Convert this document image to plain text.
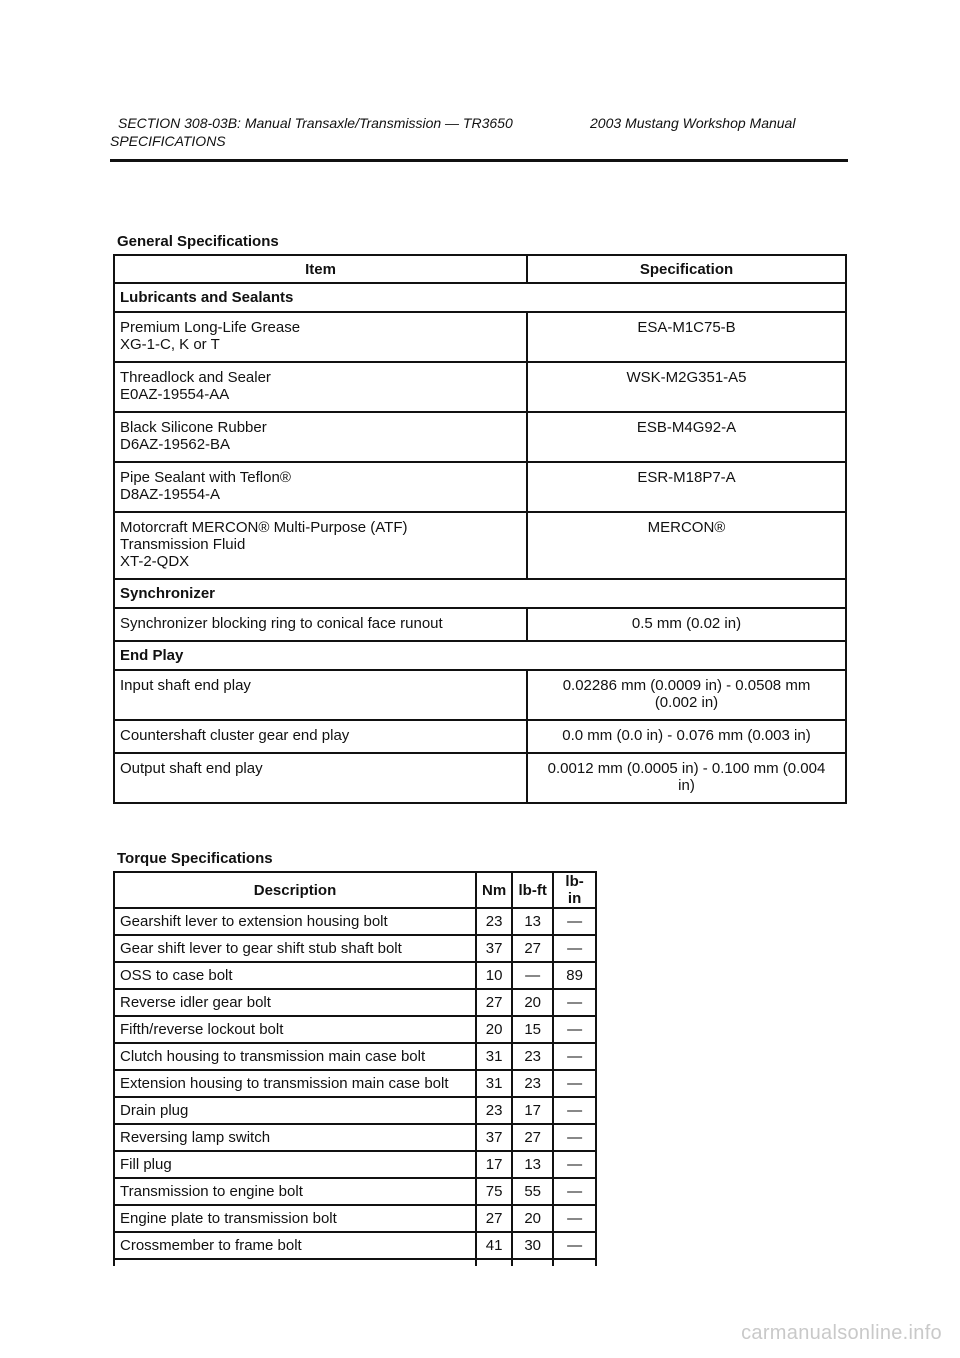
SECTION 308-03B: Manual Transaxle/Transmission — TR3650	2003 Mustang Workshop Manual
SPECIFICATIONS
General Specifications
Item	Specification
Lubricants and Sealants	
Premium Long-Life Grease
XG-1-C, K or T	ESA-M1C75-B
Threadlock and Sealer
E0AZ-19554-AA	WSK-M2G351-A5
Black Silicone Rubber
D6AZ-19562-BA	ESB-M4G92-A
Pipe Sealant with Teflon®
D8AZ-19554-A	ESR-M18P7-A
Motorcraft MERCON® Multi-Purpose (ATF)
Transmission Fluid
XT-2-QDX	MERCON®
Synchronizer	
Synchronizer blocking ring to conical face runout	0.5 mm (0.02 in)
End Play	
Input shaft end play	0.02286 mm (0.0009 in) - 0.0508 mm
(0.002 in)
Countershaft cluster gear end play	0.0 mm (0.0 in) - 0.076 mm (0.003 in)
Output shaft end play	0.0012 mm (0.0005 in) - 0.100 mm (0.004
in)
Torque Specifications
Description	Nm	lb-ft	lb-in
Gearshift lever to extension housing bolt	23	13	—
Gear shift lever to gear shift stub shaft bolt	37	27	—
OSS to case bolt	10	—	89
Reverse idler gear bolt	27	20	—
Fifth/reverse lockout bolt	20	15	—
Clutch housing to transmission main case bolt	31	23	—
Extension housing to transmission main case bolt	31	23	—
Drain plug	23	17	—
Reversing lamp switch	37	27	—
Fill plug	17	13	—
Transmission to engine bolt	75	55	—
Engine plate to transmission bolt	27	20	—
Crossmember to frame bolt	41	30	—

carmanualsonline.info
